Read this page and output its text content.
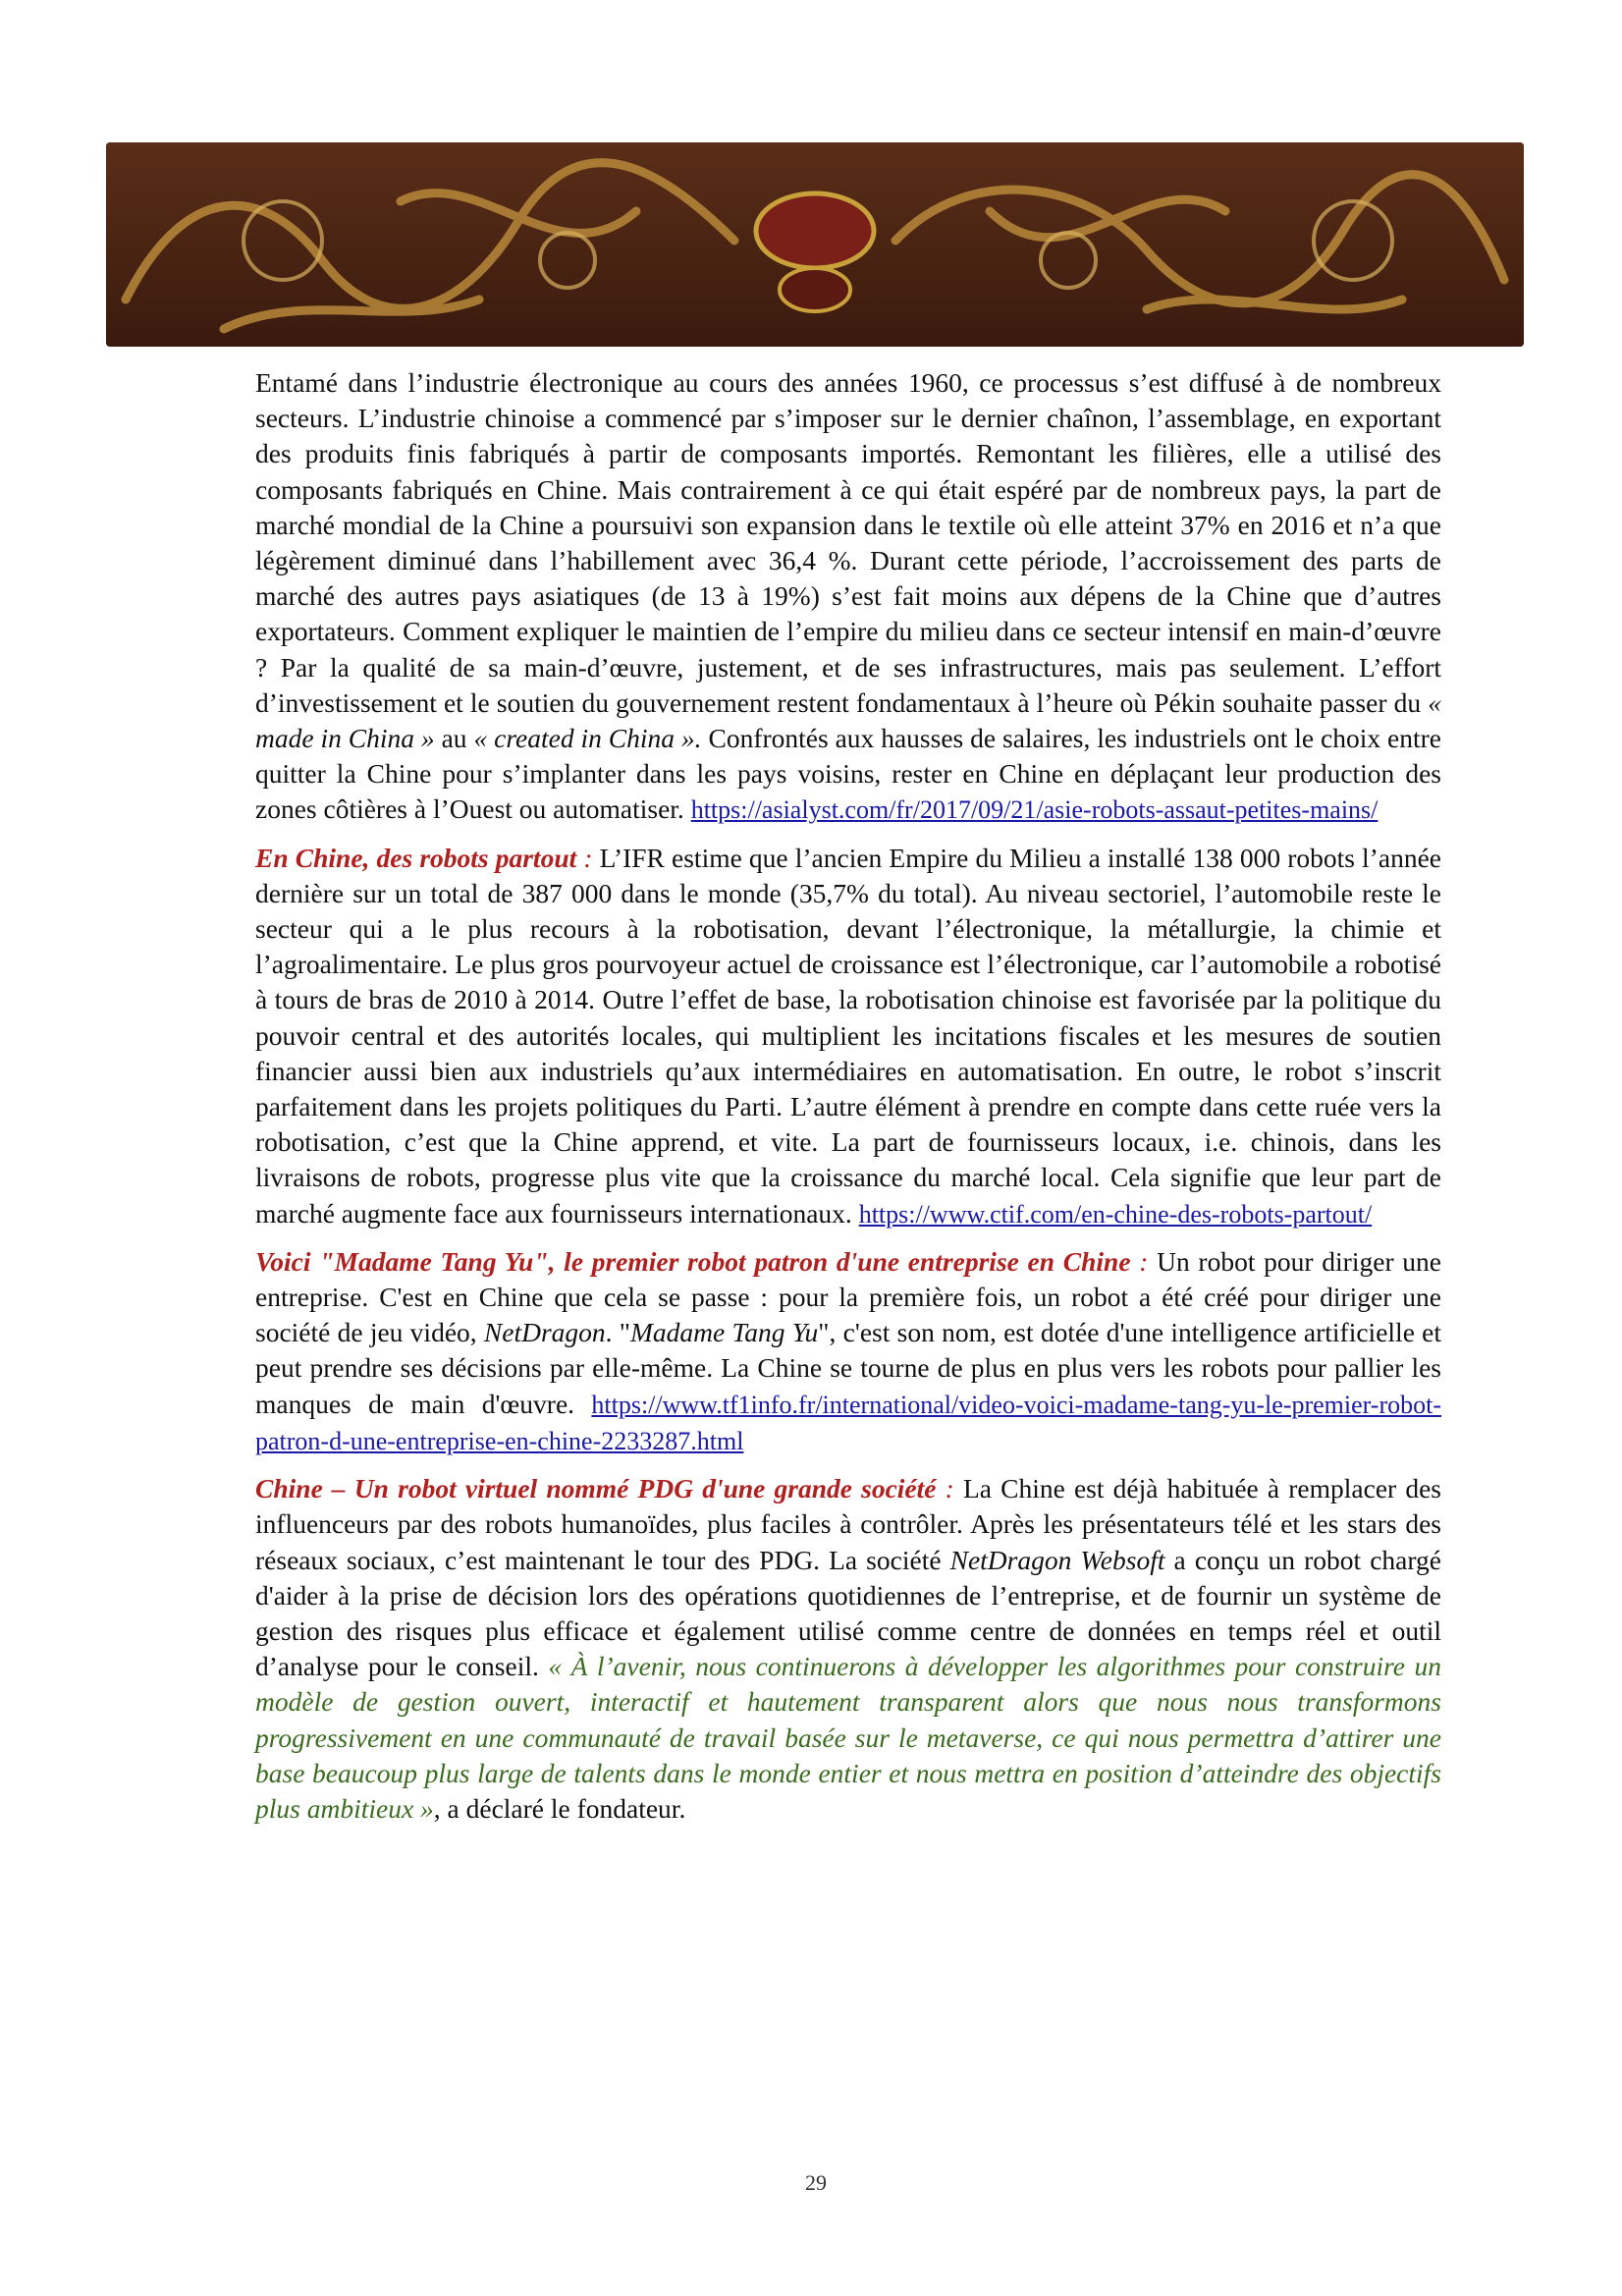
Entamé dans l’industrie électronique au cours des années 1960, ce processus s’est diffusé à de nombreux secteurs. L’industrie chinoise a commencé par s’imposer sur le dernier chaînon, l’assemblage, en exportant des produits finis fabriqués à partir de composants importés. Remontant les filières, elle a utilisé des composants fabriqués en Chine. Mais contrairement à ce qui était espéré par de nombreux pays, la part de marché mondial de la Chine a poursuivi son expansion dans le textile où elle atteint 37% en 2016 et n’a que légèrement diminué dans l’habillement avec 36,4 %. Durant cette période, l’accroissement des parts de marché des autres pays asiatiques (de 13 à 19%) s’est fait moins aux dépens de la Chine que d’autres exportateurs. Comment expliquer le maintien de l’empire du milieu dans ce secteur intensif en main-d’œuvre ? Par la qualité de sa main-d’œuvre, justement, et de ses infrastructures, mais pas seulement. L’effort d’investissement et le soutien du gouvernement restent fondamentaux à l’heure où Pékin souhaite passer du « made in China » au « created in China ». Confrontés aux hausses de salaires, les industriels ont le choix entre quitter la Chine pour s’implanter dans les pays voisins, rester en Chine en déplaçant leur production des zones côtières à l’Ouest ou automatiser. https://asialyst.com/fr/2017/09/21/asie-robots-assaut-petites-mains/

En Chine, des robots partout : L’IFR estime que l’ancien Empire du Milieu a installé 138 000 robots l’année dernière sur un total de 387 000 dans le monde (35,7% du total). Au niveau sectoriel, l’automobile reste le secteur qui a le plus recours à la robotisation, devant l’électronique, la métallurgie, la chimie et l’agroalimentaire. Le plus gros pourvoyeur actuel de croissance est l’électronique, car l’automobile a robotisé à tours de bras de 2010 à 2014. Outre l’effet de base, la robotisation chinoise est favorisée par la politique du pouvoir central et des autorités locales, qui multiplient les incitations fiscales et les mesures de soutien financier aussi bien aux industriels qu’aux intermédiaires en automatisation. En outre, le robot s’inscrit parfaitement dans les projets politiques du Parti. L’autre élément à prendre en compte dans cette ruée vers la robotisation, c’est que la Chine apprend, et vite. La part de fournisseurs locaux, i.e. chinois, dans les livraisons de robots, progresse plus vite que la croissance du marché local. Cela signifie que leur part de marché augmente face aux fournisseurs internationaux. https://www.ctif.com/en-chine-des-robots-partout/

Voici "Madame Tang Yu", le premier robot patron d'une entreprise en Chine : Un robot pour diriger une entreprise. C'est en Chine que cela se passe : pour la première fois, un robot a été créé pour diriger une société de jeu vidéo, NetDragon. "Madame Tang Yu", c'est son nom, est dotée d'une intelligence artificielle et peut prendre ses décisions par elle-même. La Chine se tourne de plus en plus vers les robots pour pallier les manques de main d'œuvre. https://www.tf1info.fr/international/video-voici-madame-tang-yu-le-premier-robot-patron-d-une-entreprise-en-chine-2233287.html

Chine – Un robot virtuel nommé PDG d'une grande société : La Chine est déjà habituée à remplacer des influenceurs par des robots humanoïdes, plus faciles à contrôler. Après les présentateurs télé et les stars des réseaux sociaux, c’est maintenant le tour des PDG. La société NetDragon Websoft a conçu un robot chargé d'aider à la prise de décision lors des opérations quotidiennes de l’entreprise, et de fournir un système de gestion des risques plus efficace et également utilisé comme centre de données en temps réel et outil d’analyse pour le conseil. « À l’avenir, nous continuerons à développer les algorithmes pour construire un modèle de gestion ouvert, interactif et hautement transparent alors que nous nous transformons progressivement en une communauté de travail basée sur le metaverse, ce qui nous permettra d’attirer une base beaucoup plus large de talents dans le monde entier et nous mettra en position d’atteindre des objectifs plus ambitieux », a déclaré le fondateur.

29
